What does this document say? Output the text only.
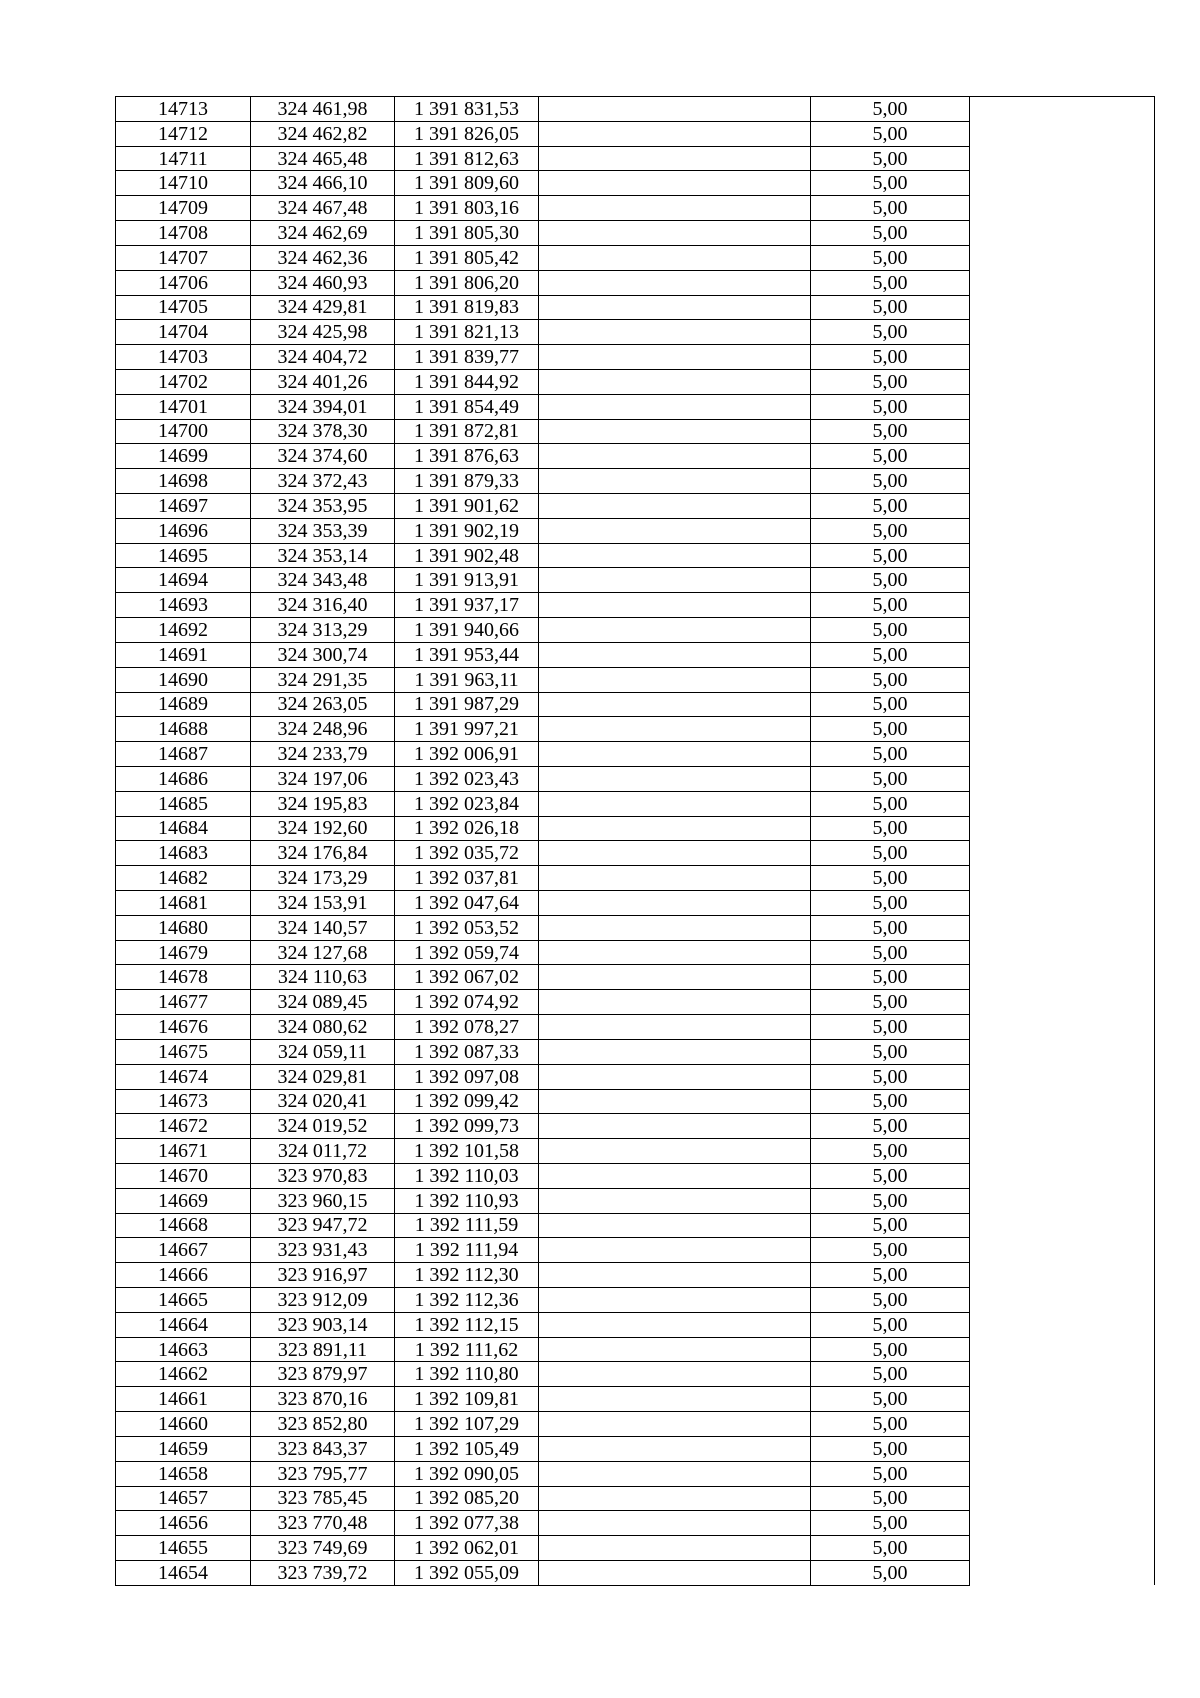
14713	324 461,98	1 391 831,53		5,00	
14712	324 462,82	1 391 826,05		5,00	
14711	324 465,48	1 391 812,63		5,00	
14710	324 466,10	1 391 809,60		5,00	
14709	324 467,48	1 391 803,16		5,00	
14708	324 462,69	1 391 805,30		5,00	
14707	324 462,36	1 391 805,42		5,00	
14706	324 460,93	1 391 806,20		5,00	
14705	324 429,81	1 391 819,83		5,00	
14704	324 425,98	1 391 821,13		5,00	
14703	324 404,72	1 391 839,77		5,00	
14702	324 401,26	1 391 844,92		5,00	
14701	324 394,01	1 391 854,49		5,00	
14700	324 378,30	1 391 872,81		5,00	
14699	324 374,60	1 391 876,63		5,00	
14698	324 372,43	1 391 879,33		5,00	
14697	324 353,95	1 391 901,62		5,00	
14696	324 353,39	1 391 902,19		5,00	
14695	324 353,14	1 391 902,48		5,00	
14694	324 343,48	1 391 913,91		5,00	
14693	324 316,40	1 391 937,17		5,00	
14692	324 313,29	1 391 940,66		5,00	
14691	324 300,74	1 391 953,44		5,00	
14690	324 291,35	1 391 963,11		5,00	
14689	324 263,05	1 391 987,29		5,00	
14688	324 248,96	1 391 997,21		5,00	
14687	324 233,79	1 392 006,91		5,00	
14686	324 197,06	1 392 023,43		5,00	
14685	324 195,83	1 392 023,84		5,00	
14684	324 192,60	1 392 026,18		5,00	
14683	324 176,84	1 392 035,72		5,00	
14682	324 173,29	1 392 037,81		5,00	
14681	324 153,91	1 392 047,64		5,00	
14680	324 140,57	1 392 053,52		5,00	
14679	324 127,68	1 392 059,74		5,00	
14678	324 110,63	1 392 067,02		5,00	
14677	324 089,45	1 392 074,92		5,00	
14676	324 080,62	1 392 078,27		5,00	
14675	324 059,11	1 392 087,33		5,00	
14674	324 029,81	1 392 097,08		5,00	
14673	324 020,41	1 392 099,42		5,00	
14672	324 019,52	1 392 099,73		5,00	
14671	324 011,72	1 392 101,58		5,00	
14670	323 970,83	1 392 110,03		5,00	
14669	323 960,15	1 392 110,93		5,00	
14668	323 947,72	1 392 111,59		5,00	
14667	323 931,43	1 392 111,94		5,00	
14666	323 916,97	1 392 112,30		5,00	
14665	323 912,09	1 392 112,36		5,00	
14664	323 903,14	1 392 112,15		5,00	
14663	323 891,11	1 392 111,62		5,00	
14662	323 879,97	1 392 110,80		5,00	
14661	323 870,16	1 392 109,81		5,00	
14660	323 852,80	1 392 107,29		5,00	
14659	323 843,37	1 392 105,49		5,00	
14658	323 795,77	1 392 090,05		5,00	
14657	323 785,45	1 392 085,20		5,00	
14656	323 770,48	1 392 077,38		5,00	
14655	323 749,69	1 392 062,01		5,00	
14654	323 739,72	1 392 055,09		5,00	
